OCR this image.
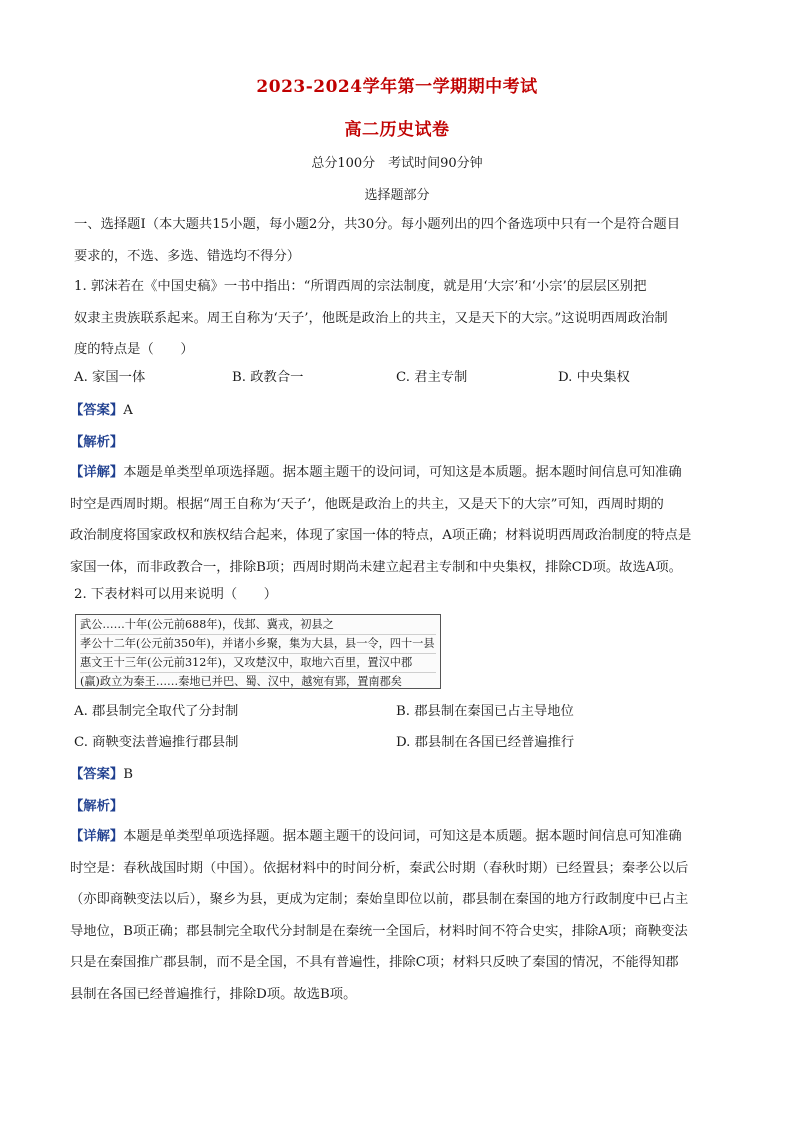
2023-2024学年第一学期期中考试
高二历史试卷
总分100分　考试时间90分钟
选择题部分
一、选择题Ⅰ（本大题共15小题，每小题2分，共30分。每小题列出的四个备选项中只有一个是符合题目
要求的，不选、多选、错选均不得分）
1. 郭沫若在《中国史稿》一书中指出：“所谓西周的宗法制度，就是用‘大宗’和‘小宗’的层层区别把
奴隶主贵族联系起来。周王自称为‘天子’，他既是政治上的共主，又是天下的大宗。”这说明西周政治制
度的特点是（　　）
A. 家国一体	B. 政教合一	C. 君主专制	D. 中央集权
【答案】A
【解析】
【详解】本题是单类型单项选择题。据本题主题干的设问词，可知这是本质题。据本题时间信息可知准确
时空是西周时期。根据“周王自称为‘天子’，他既是政治上的共主，又是天下的大宗”可知，西周时期的
政治制度将国家政权和族权结合起来，体现了家国一体的特点，A项正确；材料说明西周政治制度的特点是
家国一体，而非政教合一，排除B项；西周时期尚未建立起君主专制和中央集权，排除CD项。故选A项。
2. 下表材料可以用来说明（　　）
武公……十年(公元前688年)，伐邽、冀戎，初县之
孝公十二年(公元前350年)，并诸小乡聚，集为大县，县一令，四十一县
惠文王十三年(公元前312年)，又攻楚汉中，取地六百里，置汉中郡
(赢)政立为秦王……秦地已并巴、蜀、汉中，越宛有郢，置南郡矣
A. 郡县制完全取代了分封制	B. 郡县制在秦国已占主导地位
C. 商鞅变法普遍推行郡县制	D. 郡县制在各国已经普遍推行
【答案】B
【解析】
【详解】本题是单类型单项选择题。据本题主题干的设问词，可知这是本质题。据本题时间信息可知准确
时空是：春秋战国时期（中国）。依据材料中的时间分析，秦武公时期（春秋时期）已经置县；秦孝公以后
（亦即商鞅变法以后），聚乡为县，更成为定制；秦始皇即位以前，郡县制在秦国的地方行政制度中已占主
导地位，B项正确；郡县制完全取代分封制是在秦统一全国后，材料时间不符合史实，排除A项；商鞅变法
只是在秦国推广郡县制，而不是全国，不具有普遍性，排除C项；材料只反映了秦国的情况，不能得知郡
县制在各国已经普遍推行，排除D项。故选B项。
